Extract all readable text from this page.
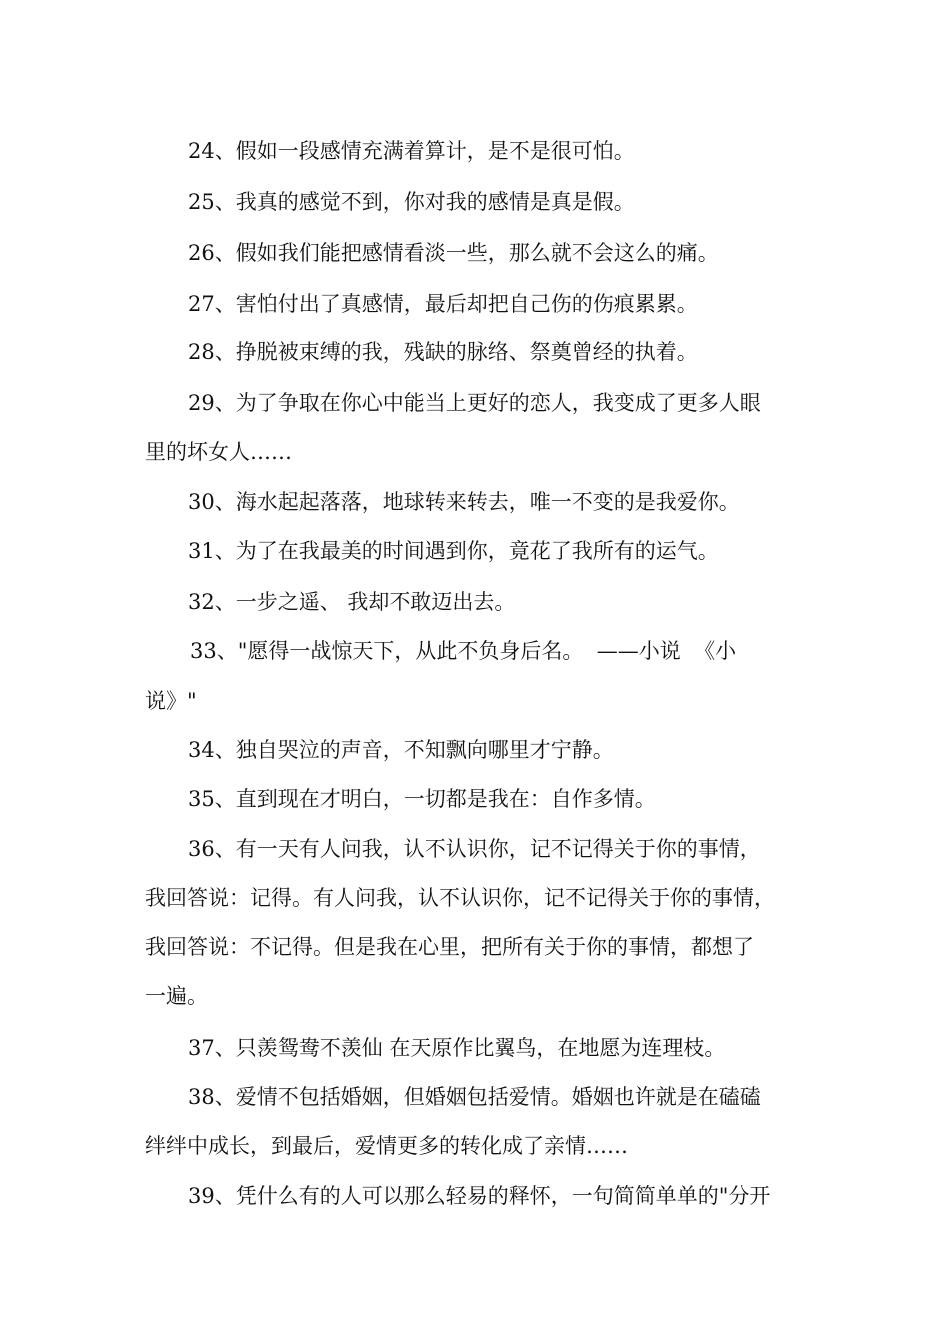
24、假如一段感情充满着算计，是不是很可怕。
25、我真的感觉不到，你对我的感情是真是假。
26、假如我们能把感情看淡一些，那么就不会这么的痛。
27、害怕付出了真感情，最后却把自己伤的伤痕累累。
28、挣脱被束缚的我，残缺的脉络、祭奠曾经的执着。
29、为了争取在你心中能当上更好的恋人，我变成了更多人眼
里的坏女人……
30、海水起起落落，地球转来转去，唯一不变的是我爱你。
31、为了在我最美的时间遇到你，竟花了我所有的运气。
32、一步之遥、 我却不敢迈出去。
33、"愿得一战惊天下，从此不负身后名。  ——小说  《小
说》"
34、独自哭泣的声音，不知飘向哪里才宁静。
35、直到现在才明白，一切都是我在：自作多情。
36、有一天有人问我，认不认识你，记不记得关于你的事情，
我回答说：记得。有人问我，认不认识你，记不记得关于你的事情，
我回答说：不记得。但是我在心里，把所有关于你的事情，都想了
一遍。
37、只羡鸳鸯不羡仙 在天原作比翼鸟，在地愿为连理枝。
38、爱情不包括婚姻，但婚姻包括爱情。婚姻也许就是在磕磕
绊绊中成长，到最后，爱情更多的转化成了亲情……
39、凭什么有的人可以那么轻易的释怀，一句简简单单的"分开
